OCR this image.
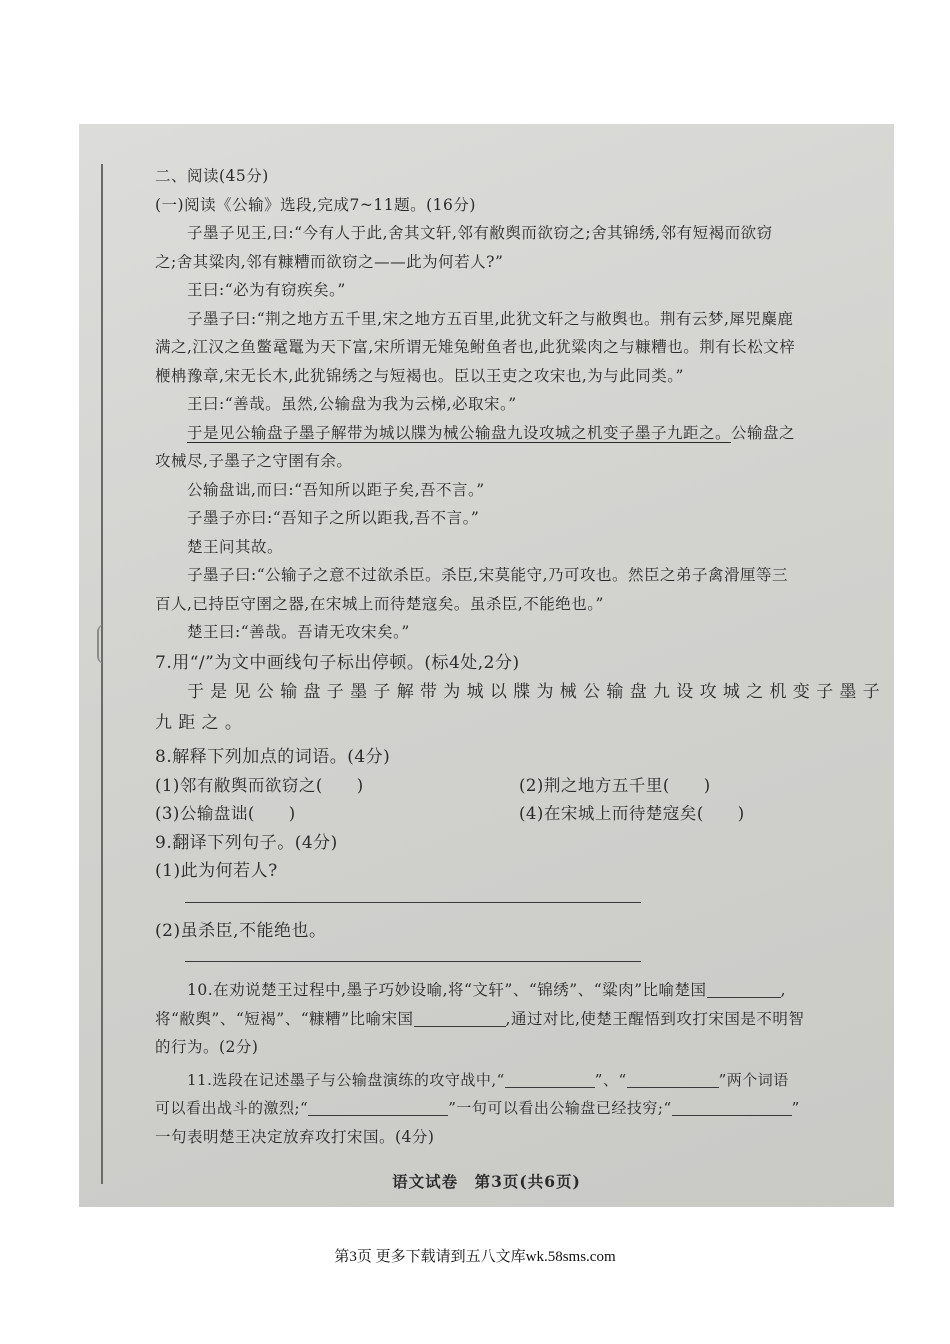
二、阅读(45分)
(一)阅读《公输》选段,完成7~11题。(16分)
子墨子见王,曰:“今有人于此,舍其文轩,邻有敝舆而欲窃之;舍其锦绣,邻有短褐而欲窃
之;舍其粱肉,邻有糠糟而欲窃之——此为何若人?”
王曰:“必为有窃疾矣。”
子墨子曰:“荆之地方五千里,宋之地方五百里,此犹文轩之与敝舆也。荆有云梦,犀兕麋鹿
满之,江汉之鱼鳖鼋鼍为天下富,宋所谓无雉兔鲋鱼者也,此犹粱肉之与糠糟也。荆有长松文梓
楩柟豫章,宋无长木,此犹锦绣之与短褐也。臣以王吏之攻宋也,为与此同类。”
王曰:“善哉。虽然,公输盘为我为云梯,必取宋。”
于是见公输盘子墨子解带为城以牒为械公输盘九设攻城之机变子墨子九距之。公输盘之
攻械尽,子墨子之守圉有余。
公输盘诎,而曰:“吾知所以距子矣,吾不言。”
子墨子亦曰:“吾知子之所以距我,吾不言。”
楚王问其故。
子墨子曰:“公输子之意不过欲杀臣。杀臣,宋莫能守,乃可攻也。然臣之弟子禽滑厘等三
百人,已持臣守圉之器,在宋城上而待楚寇矣。虽杀臣,不能绝也。”
楚王曰:“善哉。吾请无攻宋矣。”
7.用“/”为文中画线句子标出停顿。(标4处,2分)
于是见公输盘子墨子解带为城以牒为械公输盘九设攻城之机变子墨子
九距之。
8.解释下列加点的词语。(4分)
(1)邻有敝舆而欲窃之(　　)	(2)荆之地方五千里(　　)
(3)公输盘诎(　　)	(4)在宋城上而待楚寇矣(　　)
9.翻译下列句子。(4分)
(1)此为何若人?
(2)虽杀臣,不能绝也。
10.在劝说楚王过程中,墨子巧妙设喻,将“文轩”、“锦绣”、“粱肉”比喻楚国	,
将“敝舆”、“短褐”、“糠糟”比喻宋国	,通过对比,使楚王醒悟到攻打宋国是不明智
的行为。(2分)
11.选段在记述墨子与公输盘演练的攻守战中,“	”、“	”两个词语
可以看出战斗的激烈;“	”一句可以看出公输盘已经技穷;“	”
一句表明楚王决定放弃攻打宋国。(4分)
语文试卷　第3页(共6页)
第3页 更多下载请到五八文库wk.58sms.com
